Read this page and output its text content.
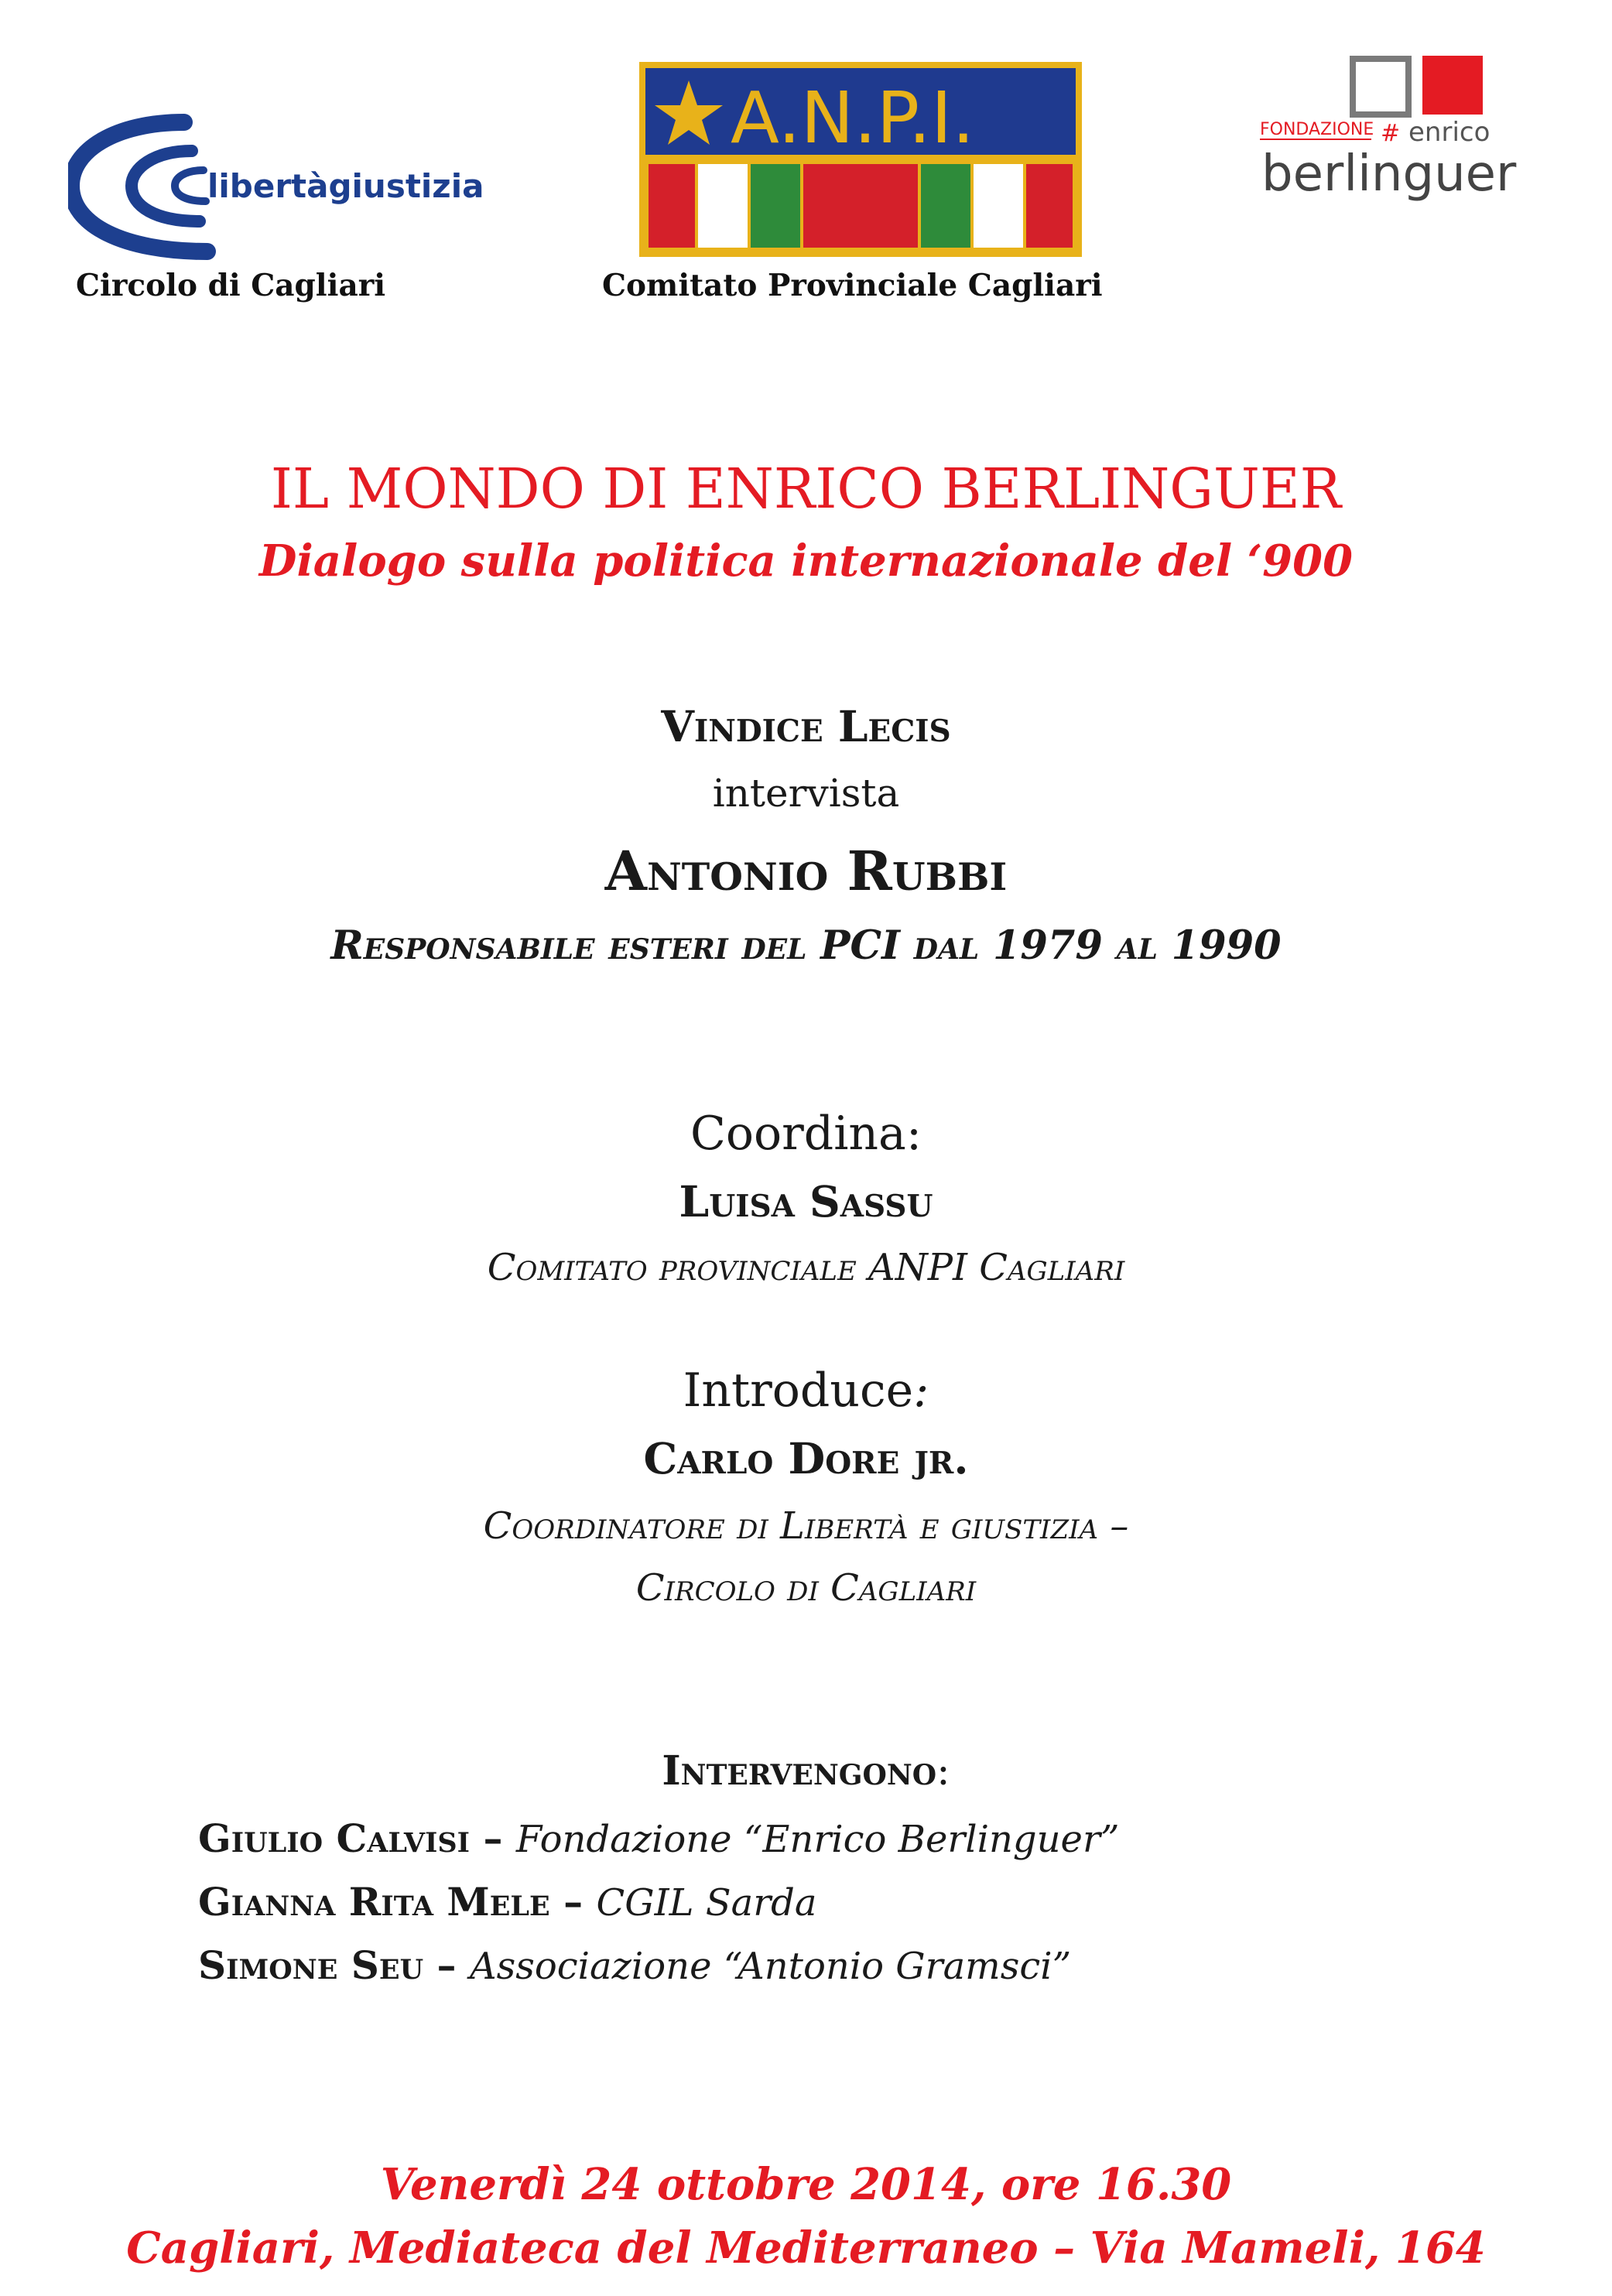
libertàgiustizia
Circolo di Cagliari
A.N.P.I.
Comitato Provinciale Cagliari
FONDAZIONE # enrico
berlinguer
IL MONDO DI ENRICO BERLINGUER
Dialogo sulla politica internazionale del ‘900
Vindice Lecis
intervista
Antonio Rubbi
Responsabile esteri del PCI dal 1979 al 1990
Coordina:
Luisa Sassu
Comitato provinciale ANPI Cagliari
Introduce:
Carlo Dore jr.
Coordinatore di Libertà e giustizia –
Circolo di Cagliari
Intervengono:
Giulio Calvisi – Fondazione “Enrico Berlinguer”
Gianna Rita Mele – CGIL Sarda
Simone Seu – Associazione “Antonio Gramsci”
Venerdì 24 ottobre 2014, ore 16.30
Cagliari, Mediateca del Mediterraneo – Via Mameli, 164
